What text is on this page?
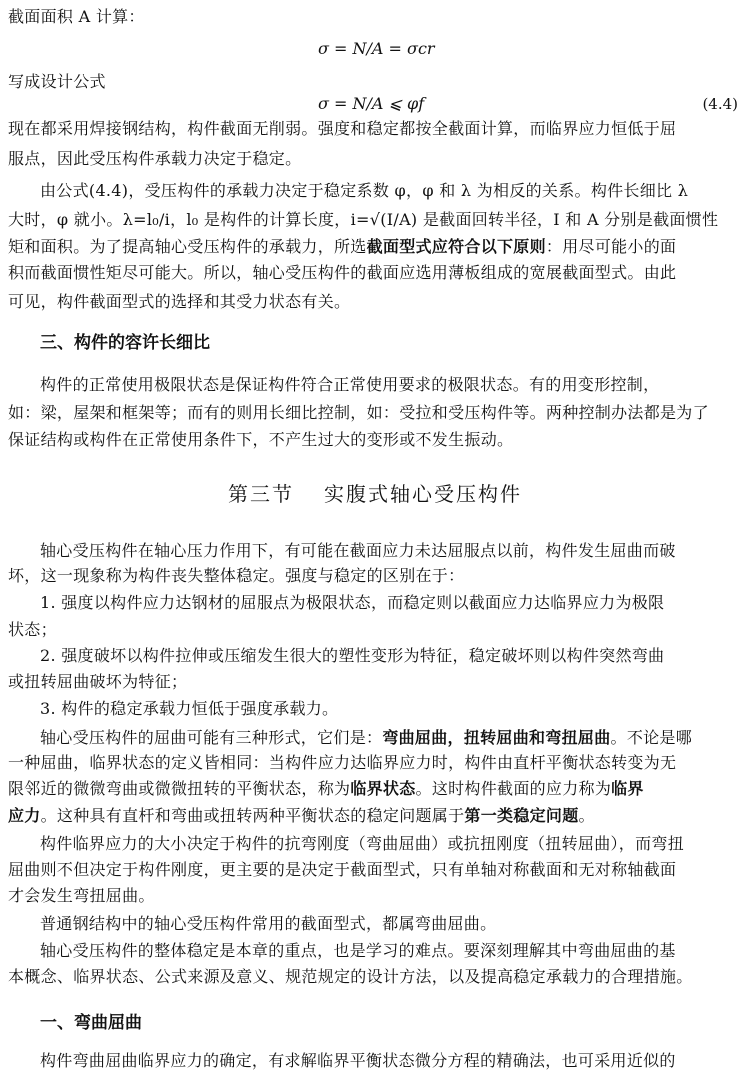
截面面积 A 计算：
σ = N/A = σcr
写成设计公式
σ = N/A ⩽ φf	(4.4)
现在都采用焊接钢结构，构件截面无削弱。强度和稳定都按全截面计算，而临界应力恒低于屈
服点，因此受压构件承载力决定于稳定。
由公式(4.4)，受压构件的承载力决定于稳定系数 φ，φ 和 λ 为相反的关系。构件长细比 λ
大时，φ 就小。λ=l₀/i，l₀ 是构件的计算长度，i=√(I/A) 是截面回转半径，I 和 A 分别是截面惯性
矩和面积。为了提高轴心受压构件的承载力，所选截面型式应符合以下原则：用尽可能小的面
积而截面惯性矩尽可能大。所以，轴心受压构件的截面应选用薄板组成的宽展截面型式。由此
可见，构件截面型式的选择和其受力状态有关。
三、构件的容许长细比
构件的正常使用极限状态是保证构件符合正常使用要求的极限状态。有的用变形控制，
如：梁，屋架和框架等；而有的则用长细比控制，如：受拉和受压构件等。两种控制办法都是为了
保证结构或构件在正常使用条件下，不产生过大的变形或不发生振动。
第三节 实腹式轴心受压构件
轴心受压构件在轴心压力作用下，有可能在截面应力未达屈服点以前，构件发生屈曲而破
坏，这一现象称为构件丧失整体稳定。强度与稳定的区别在于：
1. 强度以构件应力达钢材的屈服点为极限状态，而稳定则以截面应力达临界应力为极限
状态；
2. 强度破坏以构件拉伸或压缩发生很大的塑性变形为特征，稳定破坏则以构件突然弯曲
或扭转屈曲破坏为特征；
3. 构件的稳定承载力恒低于强度承载力。
轴心受压构件的屈曲可能有三种形式，它们是：弯曲屈曲，扭转屈曲和弯扭屈曲。不论是哪
一种屈曲，临界状态的定义皆相同：当构件应力达临界应力时，构件由直杆平衡状态转变为无
限邻近的微微弯曲或微微扭转的平衡状态，称为临界状态。这时构件截面的应力称为临界
应力。这种具有直杆和弯曲或扭转两种平衡状态的稳定问题属于第一类稳定问题。
构件临界应力的大小决定于构件的抗弯刚度（弯曲屈曲）或抗扭刚度（扭转屈曲），而弯扭
屈曲则不但决定于构件刚度，更主要的是决定于截面型式，只有单轴对称截面和无对称轴截面
才会发生弯扭屈曲。
普通钢结构中的轴心受压构件常用的截面型式，都属弯曲屈曲。
轴心受压构件的整体稳定是本章的重点，也是学习的难点。要深刻理解其中弯曲屈曲的基
本概念、临界状态、公式来源及意义、规范规定的设计方法，以及提高稳定承载力的合理措施。
一、弯曲屈曲
构件弯曲屈曲临界应力的确定，有求解临界平衡状态微分方程的精确法，也可采用近似的
